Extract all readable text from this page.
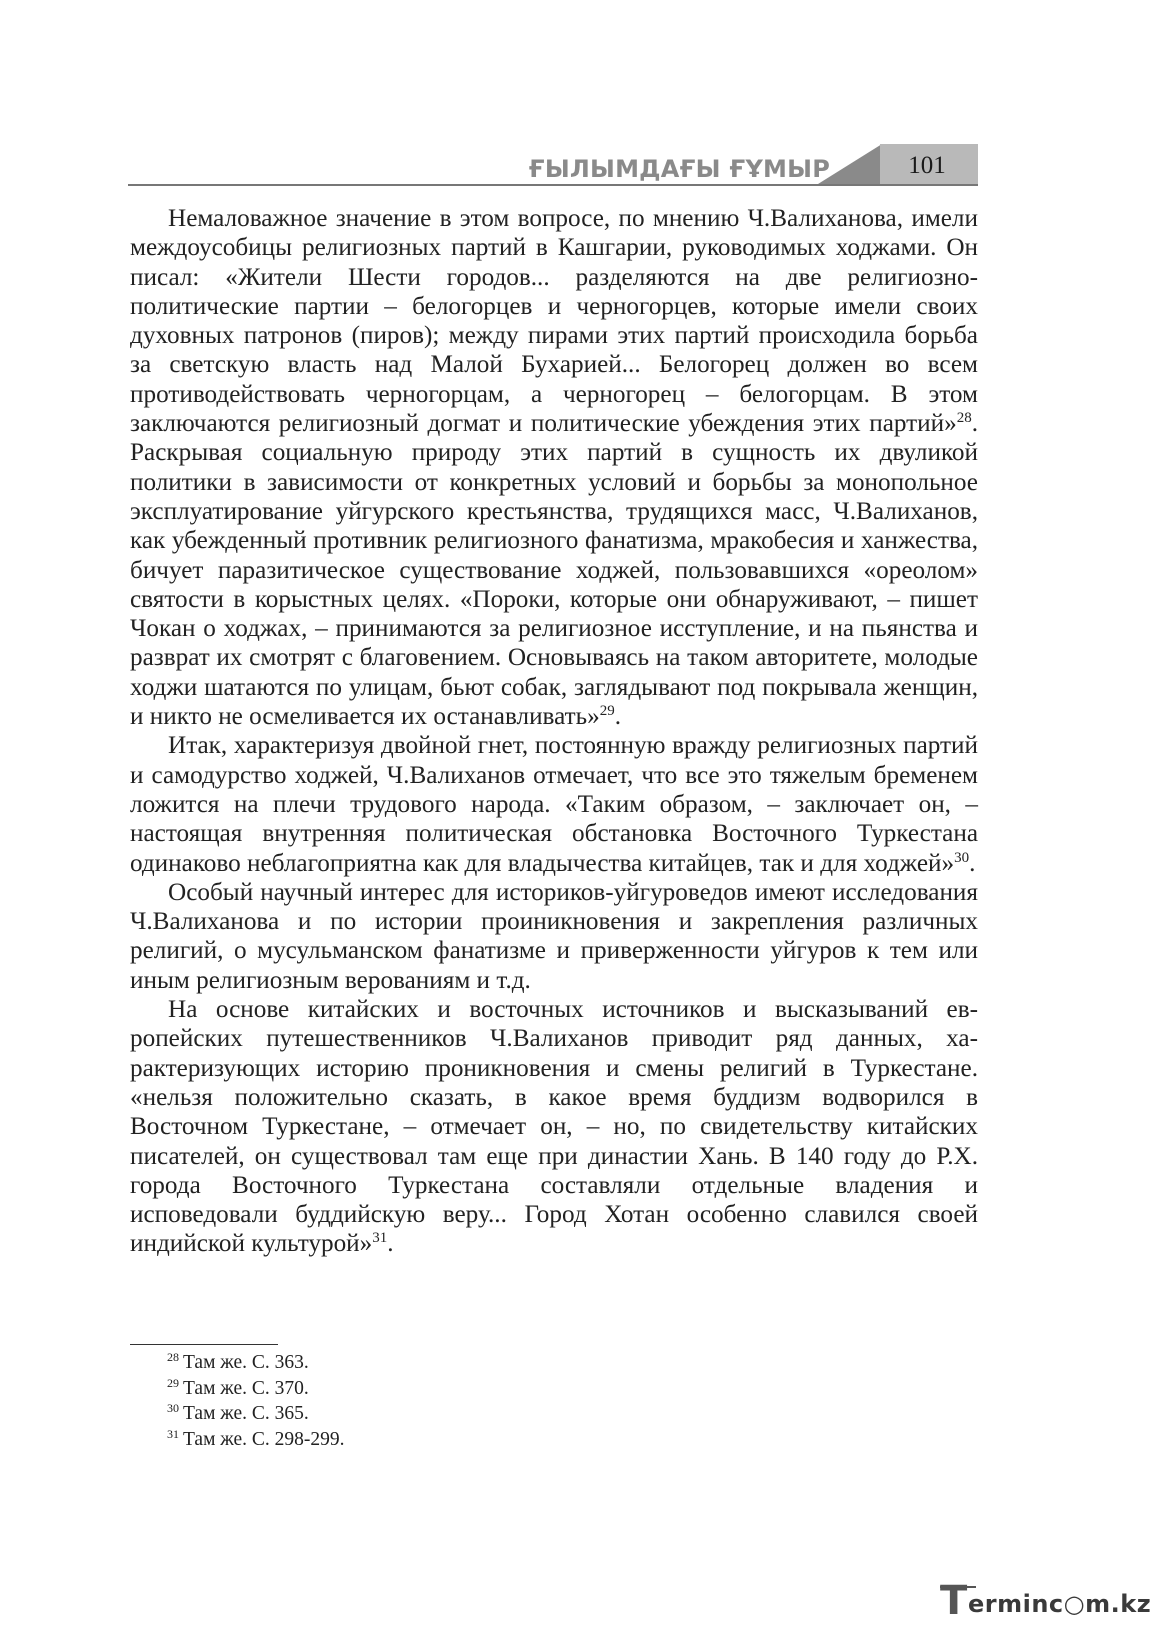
ҒЫЛЫМДАҒЫ ҒҰМЫР	101

Немаловажное значение в этом вопросе, по мнению Ч.Валиханова, имели междоусобицы религиозных партий в Кашгарии, руководимых ходжами. Он писал: «Жители Шести городов... разделяются на две религиозно-политические партии – белогорцев и черногорцев, которые имели своих духовных патронов (пиров); между пирами этих партий происходила борьба за светскую власть над Малой Бухарией... Белогорец должен во всем противодействовать черногорцам, а черногорец – белогорцам. В этом заключаются религиозный догмат и политические убеждения этих партий»$^{28}$. Раскрывая социальную природу этих партий в сущность их двуликой политики в зависимости от конкретных условий и борьбы за монопольное эксплуатирование уйгурского крестьянства, трудящихся масс, Ч.Валиханов, как убежденный противник религиозного фанатизма, мракобесия и ханжества, бичует паразитическое существование ходжей, пользовавшихся «ореолом» святости в корыстных целях. «Пороки, которые они обнаруживают, – пишет Чокан о ходжах, – принимаются за религиозное исступление, и на пьянства и разврат их смотрят с благовением. Основываясь на таком авторитете, молодые ходжи шатаются по улицам, бьют собак, заглядывают под покрывала женщин, и никто не осмеливается их останавливать»$^{29}$.

Итак, характеризуя двойной гнет, постоянную вражду религиозных партий и самодурство ходжей, Ч.Валиханов отмечает, что все это тяжелым бременем ложится на плечи трудового народа. «Таким образом, – заключает он, – настоящая внутренняя политическая обстановка Восточного Туркестана одинаково неблагоприятна как для владычества китайцев, так и для ходжей»$^{30}$.

Особый научный интерес для историков-уйгуроведов имеют исследования Ч.Валиханова и по истории проиникновения и закрепления различных религий, о мусульманском фанатизме и приверженности уйгуров к тем или иным религиозным верованиям и т.д.

На основе китайских и восточных источников и высказываний европейских путешественников Ч.Валиханов приводит ряд данных, характеризующих историю проникновения и смены религий в Туркестане. «нельзя положительно сказать, в какое время буддизм водворился в Восточном Туркестане, – отмечает он, – но, по свидетельству китайских писателей, он существовал там еще при династии Хань. В 140 году до Р.Х. города Восточного Туркестана составляли отдельные владения и исповедовали буддийскую веру... Город Хотан особенно славился своей индийской культурой»$^{31}$.

$^{28}$ Там же. С. 363.

$^{29}$ Там же. С. 370.

$^{30}$ Там же. С. 365.

$^{31}$ Там же. С. 298-299.

T erminc○m.kz
